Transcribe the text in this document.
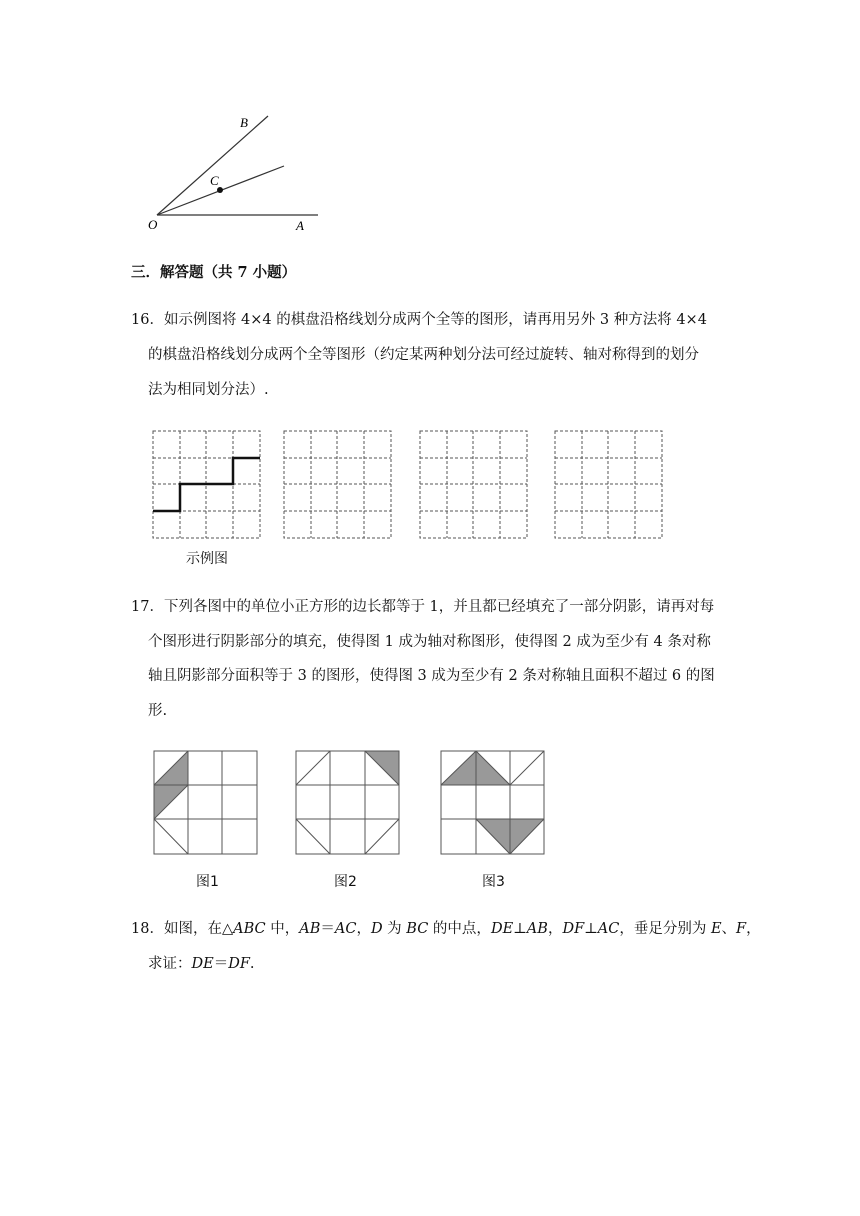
B
C
O	A
三．解答题（共 7 小题）
16．如示例图将 4×4 的棋盘沿格线划分成两个全等的图形，请再用另外 3 种方法将 4×4
的棋盘沿格线划分成两个全等图形（约定某两种划分法可经过旋转、轴对称得到的划分
法为相同划分法）.
示例图
17．下列各图中的单位小正方形的边长都等于 1，并且都已经填充了一部分阴影，请再对每
个图形进行阴影部分的填充，使得图 1 成为轴对称图形，使得图 2 成为至少有 4 条对称
轴且阴影部分面积等于 3 的图形，使得图 3 成为至少有 2 条对称轴且面积不超过 6 的图
形.
图1	图2	图3
18．如图，在△ABC 中，AB＝AC，D 为 BC 的中点，DE⊥AB，DF⊥AC，垂足分别为 E、F，
求证：DE＝DF.
